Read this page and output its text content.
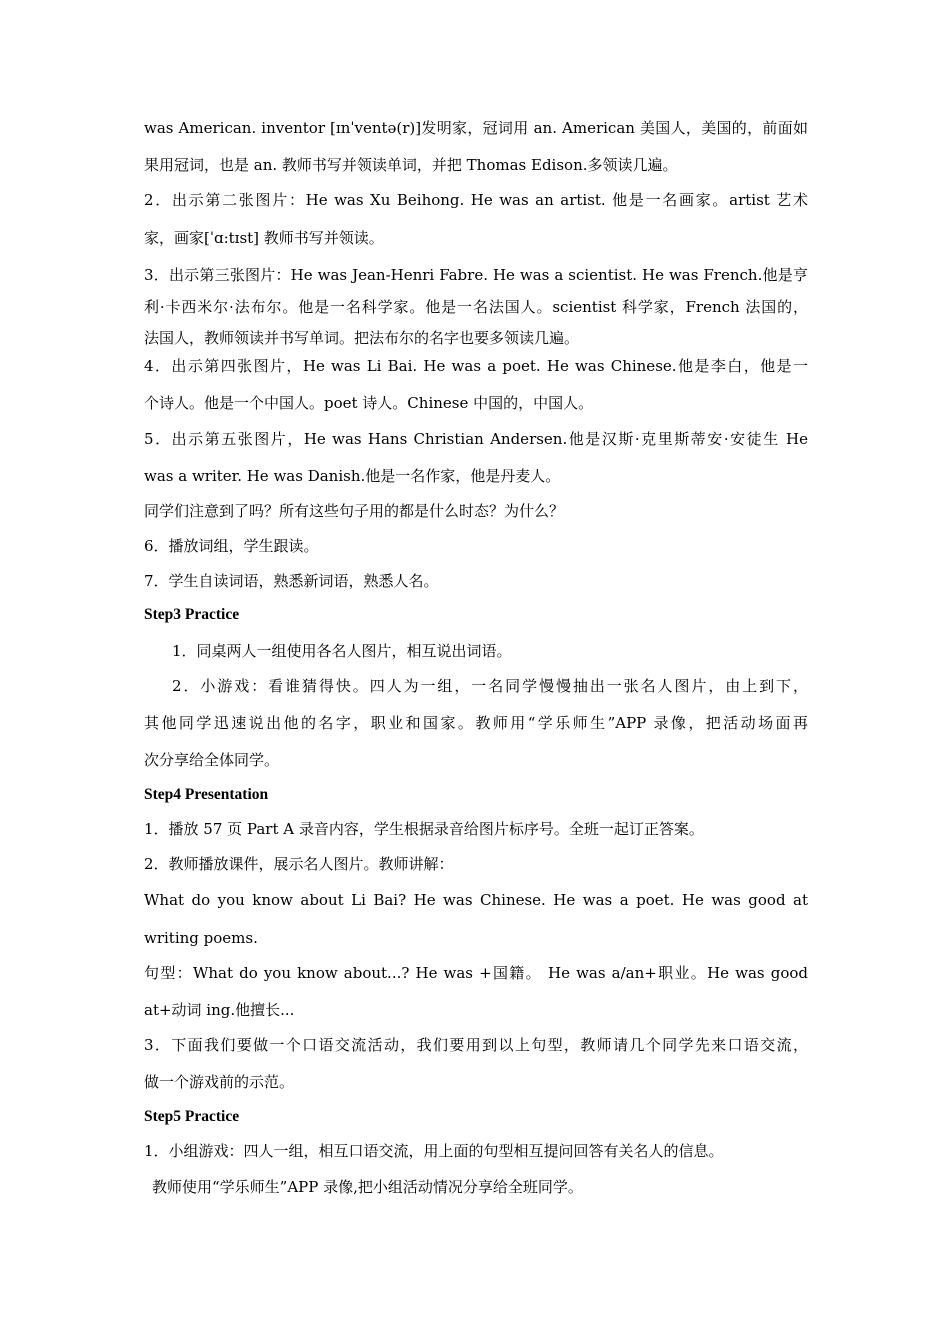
was American. inventor [ɪnˈventə(r)]发明家，冠词用 an. American 美国人，美国的，前面如
果用冠词，也是 an. 教师书写并领读单词，并把 Thomas Edison.多领读几遍。
2．出示第二张图片：He was Xu Beihong. He was an artist. 他是一名画家。artist 艺术
家，画家[ˈɑ:tɪst] 教师书写并领读。
3．出示第三张图片：He was Jean-Henri Fabre. He was a scientist. He was French.他是亨
利·卡西米尔·法布尔。他是一名科学家。他是一名法国人。scientist 科学家，French 法国的，
法国人，教师领读并书写单词。把法布尔的名字也要多领读几遍。
4．出示第四张图片，He was Li Bai. He was a poet. He was Chinese.他是李白，他是一
个诗人。他是一个中国人。poet 诗人。Chinese 中国的，中国人。
5．出示第五张图片，He was Hans Christian Andersen.他是汉斯·克里斯蒂安·安徒生 He
was a writer. He was Danish.他是一名作家，他是丹麦人。
同学们注意到了吗？所有这些句子用的都是什么时态？为什么？
6．播放词组，学生跟读。
7．学生自读词语，熟悉新词语，熟悉人名。
Step3 Practice
1．同桌两人一组使用各名人图片，相互说出词语。
2．小游戏：看谁猜得快。四人为一组，一名同学慢慢抽出一张名人图片，由上到下，
其他同学迅速说出他的名字，职业和国家。教师用“学乐师生”APP 录像，把活动场面再
次分享给全体同学。
Step4 Presentation
1．播放 57 页 Part A 录音内容，学生根据录音给图片标序号。全班一起订正答案。
2．教师播放课件，展示名人图片。教师讲解：
What do you know about Li Bai? He was Chinese. He was a poet. He was good at
writing poems.
句型：What do you know about...? He was +国籍。 He was a/an+职业。He was good
at+动词 ing.他擅长...
3．下面我们要做一个口语交流活动，我们要用到以上句型，教师请几个同学先来口语交流，
做一个游戏前的示范。
Step5 Practice
1．小组游戏：四人一组，相互口语交流，用上面的句型相互提问回答有关名人的信息。
教师使用“学乐师生”APP 录像,把小组活动情况分享给全班同学。
